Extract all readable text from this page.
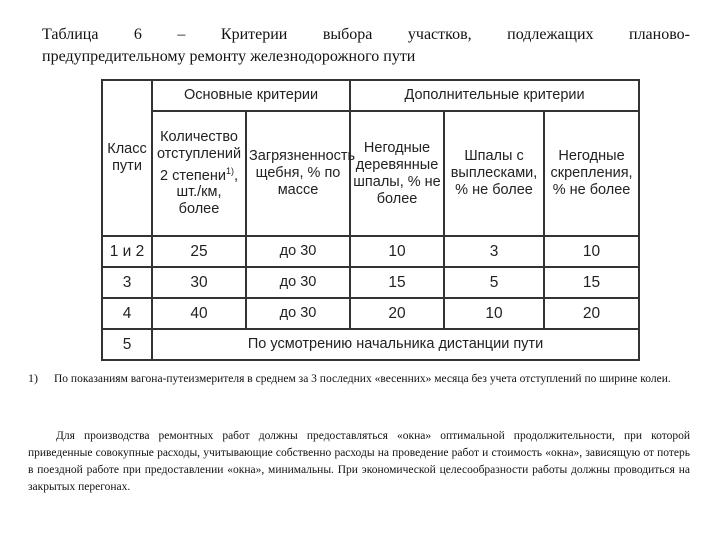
Таблица 6 – Критерии выбора участков, подлежащих планово-
предупредительному ремонту железнодорожного пути
Класс пути	Основные критерии		Дополнительные критерии		
	Количество отступлений 2 степени$^{1)}$, шт./км, более	Загрязненность щебня, % по массе	Негодные деревянные шпалы, % не более	Шпалы с выплесками, % не более	Негодные скрепления, % не более
1 и 2	25	до 30	10	3	10
3	30	до 30	15	5	15
4	40	до 30	20	10	20
5	По усмотрению начальника дистанции пути				
1) По показаниям вагона-путеизмерителя в среднем за 3 последних «весенних» месяца без учета отступлений по ширине колеи.
Для производства ремонтных работ должны предоставляться «окна» оптимальной продолжительности, при которой приведенные совокупные расходы, учитывающие собственно расходы на проведение работ и стоимость «окна», зависящую от потерь в поездной работе при предоставлении «окна», минимальны. При экономической целесообразности работы должны проводиться на закрытых перегонах.
